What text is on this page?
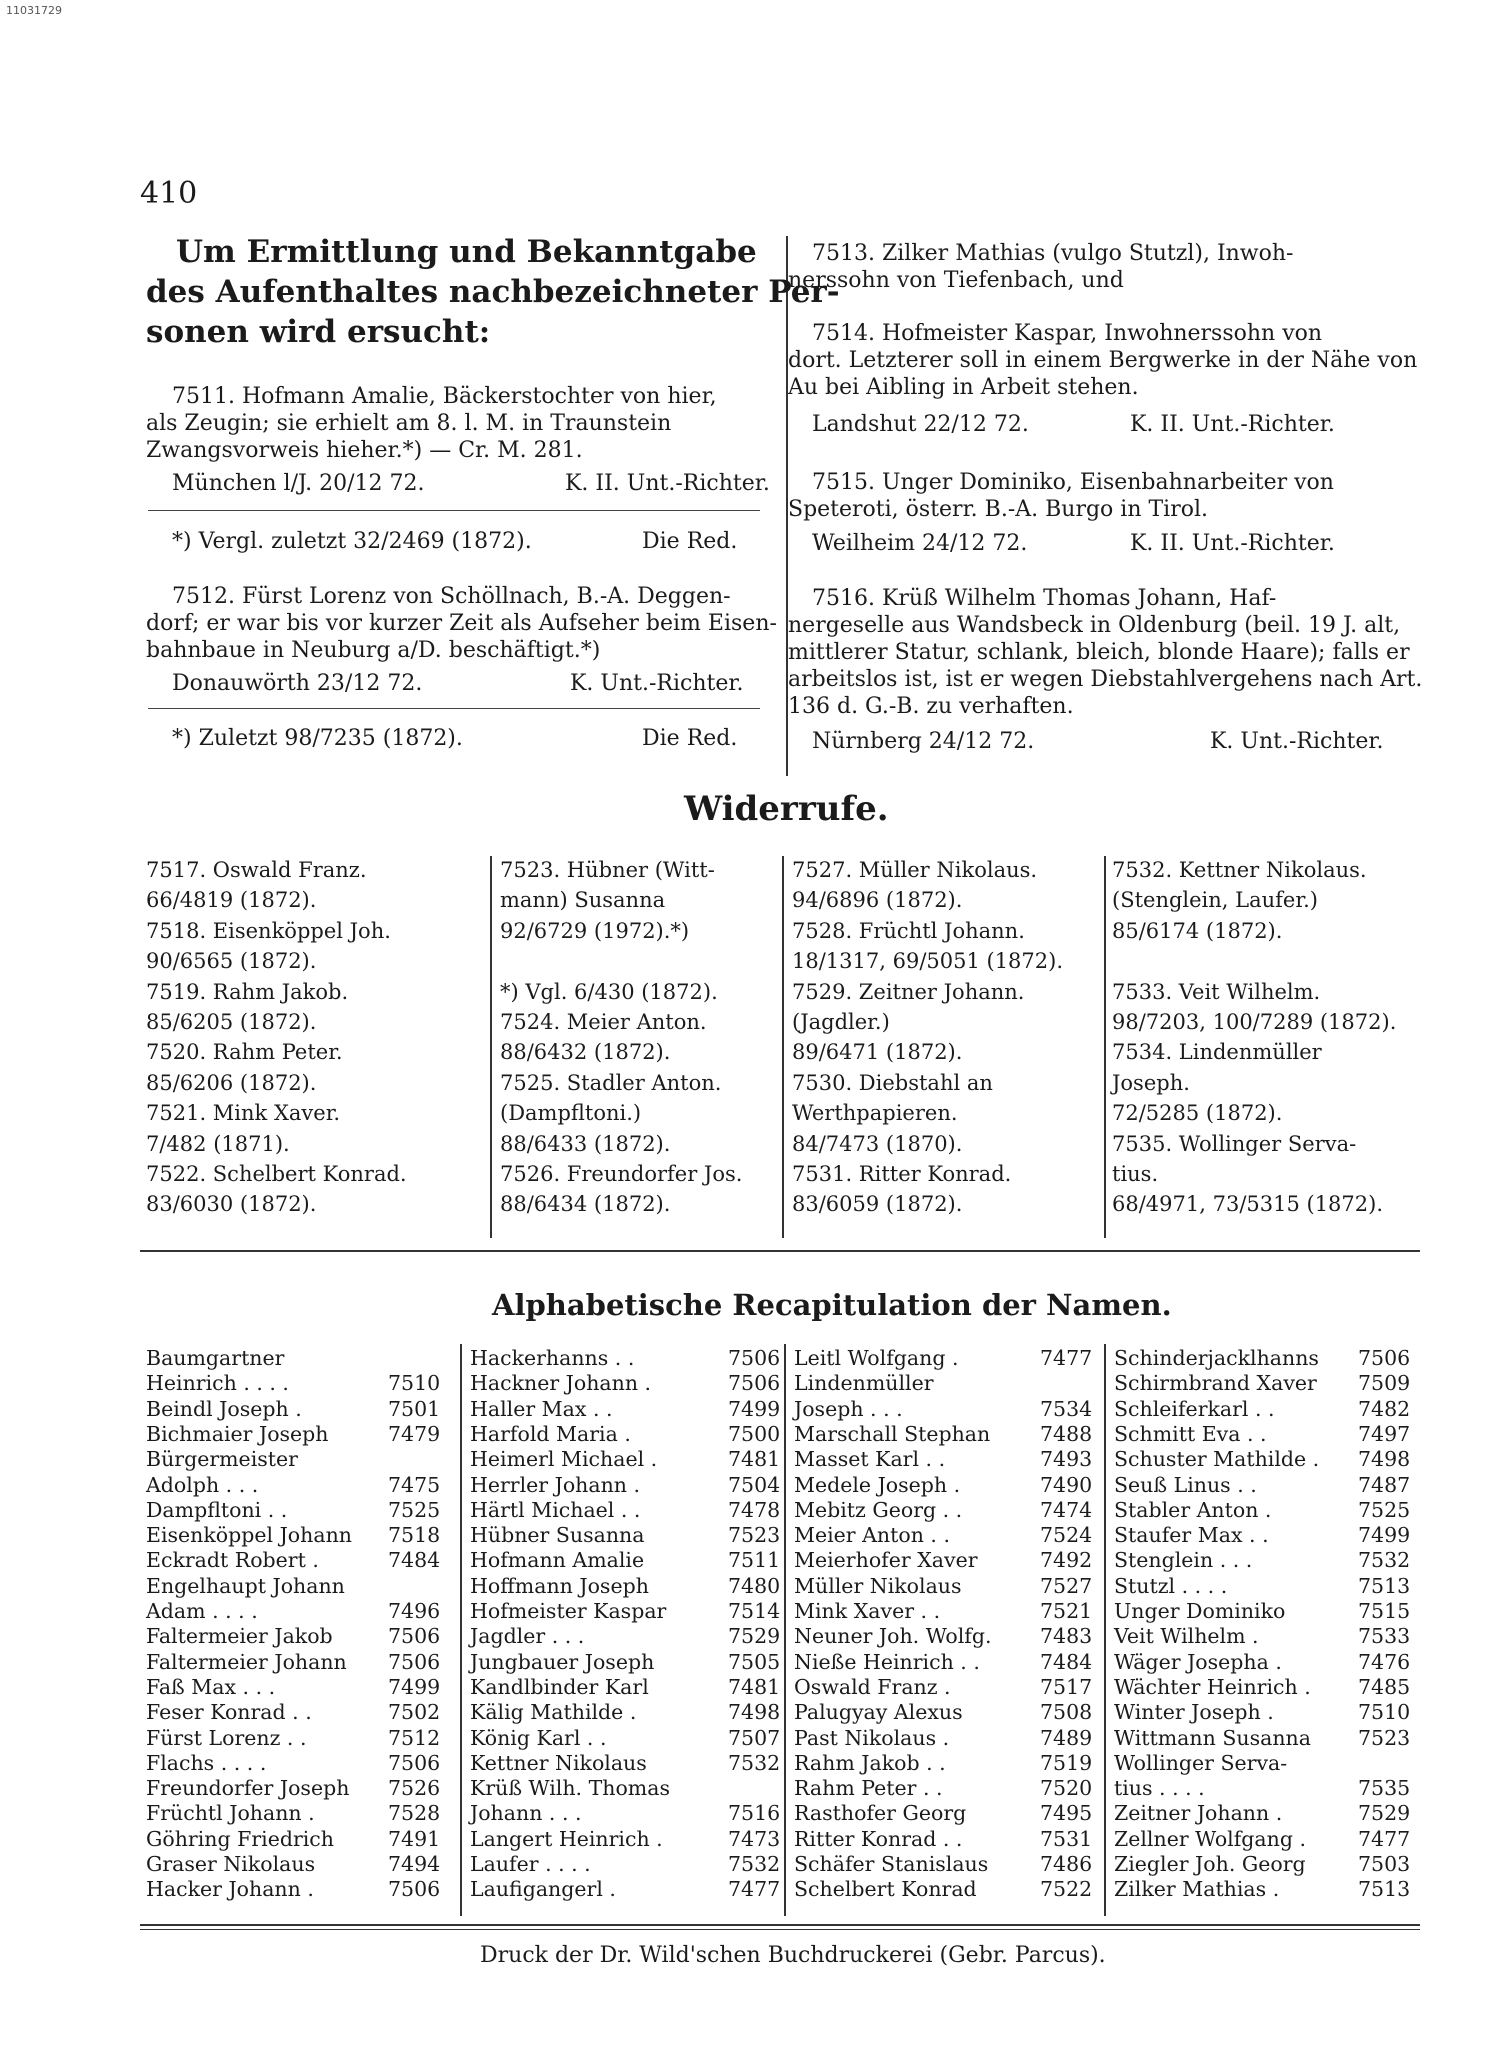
11031729
410
Um Ermittlung und Bekanntgabe
des Aufenthaltes nachbezeichneter Per-
sonen wird ersucht:
7511. Hofmann Amalie, Bäckerstochter von hier,
als Zeugin; sie erhielt am 8. l. M. in Traunstein
Zwangsvorweis hieher.*) — Cr. M. 281.
München l/J. 20/12 72.	K. II. Unt.-Richter.
*) Vergl. zuletzt 32/2469 (1872).	Die Red.
7512. Fürst Lorenz von Schöllnach, B.-A. Deggen-
dorf; er war bis vor kurzer Zeit als Aufseher beim Eisen-
bahnbaue in Neuburg a/D. beschäftigt.*)
Donauwörth 23/12 72.	K. Unt.-Richter.
*) Zuletzt 98/7235 (1872).	Die Red.
7513. Zilker Mathias (vulgo Stutzl), Inwoh-
nerssohn von Tiefenbach, und
7514. Hofmeister Kaspar, Inwohnerssohn von
dort. Letzterer soll in einem Bergwerke in der Nähe von
Au bei Aibling in Arbeit stehen.
Landshut 22/12 72.	K. II. Unt.-Richter.
7515. Unger Dominiko, Eisenbahnarbeiter von
Speteroti, österr. B.-A. Burgo in Tirol.
Weilheim 24/12 72.	K. II. Unt.-Richter.
7516. Krüß Wilhelm Thomas Johann, Haf-
nergeselle aus Wandsbeck in Oldenburg (beil. 19 J. alt,
mittlerer Statur, schlank, bleich, blonde Haare); falls er
arbeitslos ist, ist er wegen Diebstahlvergehens nach Art.
136 d. G.-B. zu verhaften.
Nürnberg 24/12 72.	K. Unt.-Richter.
Widerrufe.
7517. Oswald Franz.
66/4819 (1872).
7518. Eisenköppel Joh.
90/6565 (1872).
7519. Rahm Jakob.
85/6205 (1872).
7520. Rahm Peter.
85/6206 (1872).
7521. Mink Xaver.
7/482 (1871).
7522. Schelbert Konrad.
83/6030 (1872).
7523. Hübner (Witt-
mann) Susanna
92/6729 (1972).*)
*) Vgl. 6/430 (1872).
7524. Meier Anton.
88/6432 (1872).
7525. Stadler Anton.
(Dampfltoni.)
88/6433 (1872).
7526. Freundorfer Jos.
88/6434 (1872).
7527. Müller Nikolaus.
94/6896 (1872).
7528. Früchtl Johann.
18/1317, 69/5051 (1872).
7529. Zeitner Johann.
(Jagdler.)
89/6471 (1872).
7530. Diebstahl an
Werthpapieren.
84/7473 (1870).
7531. Ritter Konrad.
83/6059 (1872).
7532. Kettner Nikolaus.
(Stenglein, Laufer.)
85/6174 (1872).
7533. Veit Wilhelm.
98/7203, 100/7289 (1872).
7534. Lindenmüller
Joseph.
72/5285 (1872).
7535. Wollinger Serva-
tius.
68/4971, 73/5315 (1872).
Alphabetische Recapitulation der Namen.
Baumgartner
Heinrich . . . .	7510
Beindl Joseph .	7501
Bichmaier Joseph	7479
Bürgermeister
Adolph . . .	7475
Dampfltoni . .	7525
Eisenköppel Johann 7518
Eckradt Robert .	7484
Engelhaupt Johann
Adam . . . .	7496
Faltermeier Jakob	7506
Faltermeier Johann 7506
Faß Max . . .	7499
Feser Konrad . .	7502
Fürst Lorenz . .	7512
Flachs . . . .	7506
Freundorfer Joseph 7526
Früchtl Johann .	7528
Göhring Friedrich	7491
Graser Nikolaus	7494
Hacker Johann .	7506
Hackerhanns . .	7506
Hackner Johann .	7506
Haller Max . .	7499
Harfold Maria .	7500
Heimerl Michael .	7481
Herrler Johann .	7504
Härtl Michael . .	7478
Hübner Susanna	7523
Hofmann Amalie	7511
Hoffmann Joseph	7480
Hofmeister Kaspar	7514
Jagdler . . .	7529
Jungbauer Joseph	7505
Kandlbinder Karl	7481
Kälig Mathilde .	7498
König Karl . .	7507
Kettner Nikolaus	7532
Krüß Wilh. Thomas
Johann . . .	7516
Langert Heinrich .	7473
Laufer . . . .	7532
Laufigangerl .	7477
Leitl Wolfgang .	7477
Lindenmüller
Joseph . . .	7534
Marschall Stephan 7488
Masset Karl . .	7493
Medele Joseph .	7490
Mebitz Georg . .	7474
Meier Anton . .	7524
Meierhofer Xaver	7492
Müller Nikolaus	7527
Mink Xaver . .	7521
Neuner Joh. Wolfg. 7483
Nieße Heinrich . .	7484
Oswald Franz .	7517
Palugyay Alexus	7508
Past Nikolaus .	7489
Rahm Jakob . .	7519
Rahm Peter . .	7520
Rasthofer Georg	7495
Ritter Konrad . .	7531
Schäfer Stanislaus	7486
Schelbert Konrad	7522
Schinderjacklhanns 7506
Schirmbrand Xaver 7509
Schleiferkarl . .	7482
Schmitt Eva . .	7497
Schuster Mathilde . 7498
Seuß Linus . .	7487
Stabler Anton .	7525
Staufer Max . .	7499
Stenglein . . .	7532
Stutzl . . . .	7513
Unger Dominiko	7515
Veit Wilhelm .	7533
Wäger Josepha .	7476
Wächter Heinrich . 7485
Winter Joseph .	7510
Wittmann Susanna 7523
Wollinger Serva-
tius . . . .	7535
Zeitner Johann .	7529
Zellner Wolfgang .	7477
Ziegler Joh. Georg	7503
Zilker Mathias .	7513
Druck der Dr. Wild'schen Buchdruckerei (Gebr. Parcus).
